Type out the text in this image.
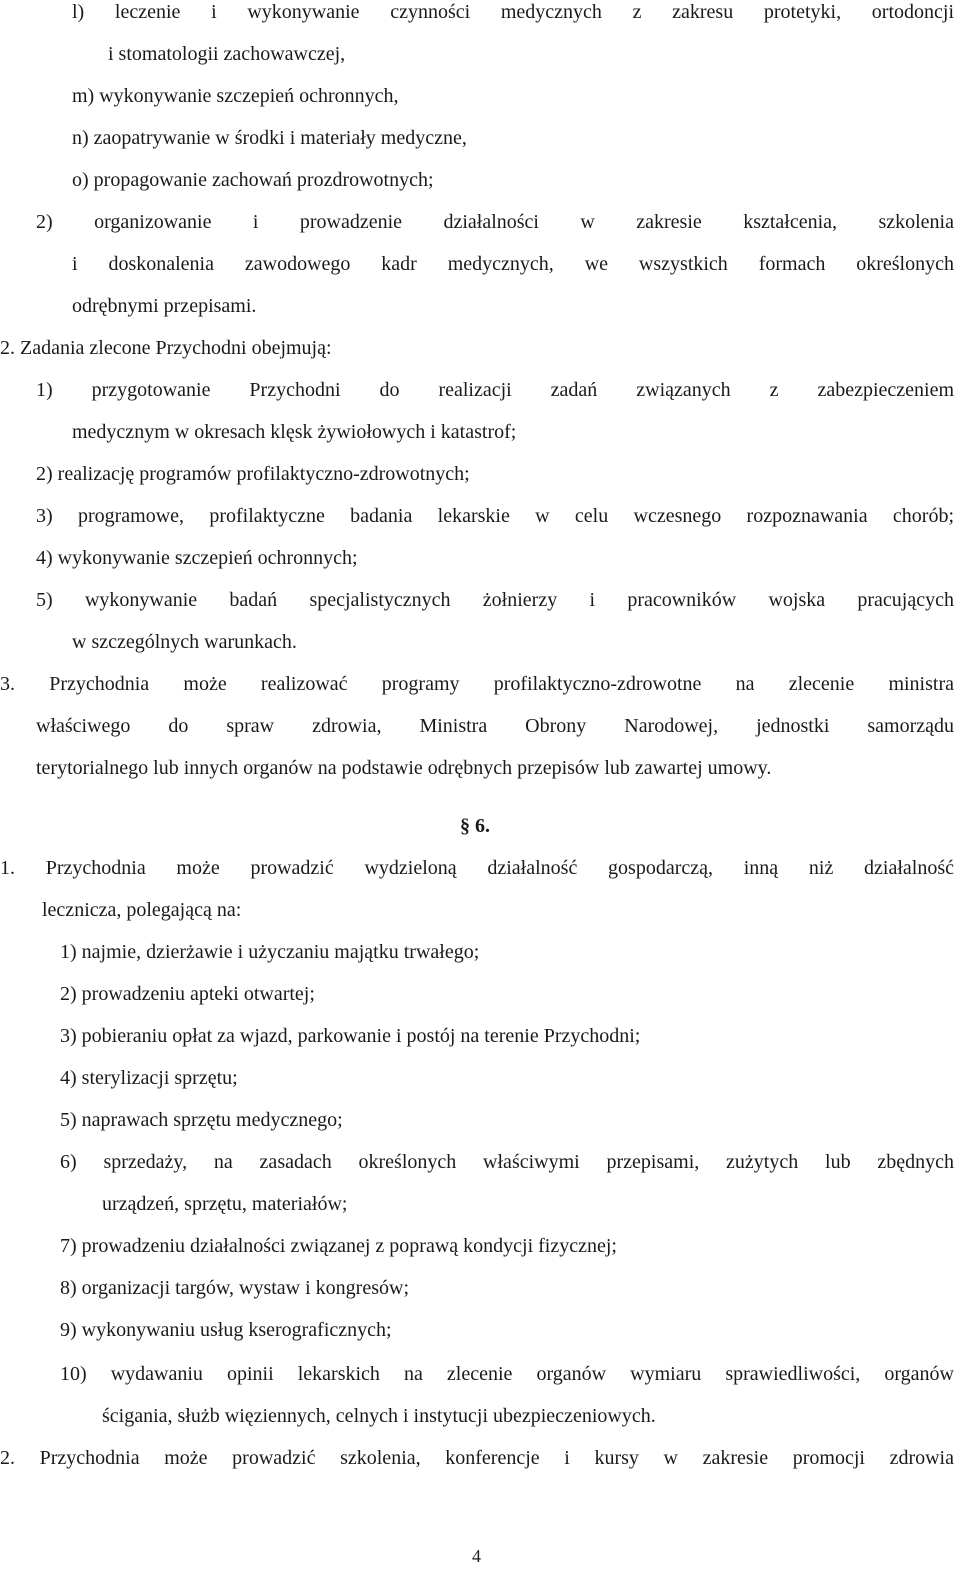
l) leczenie i wykonywanie czynności medycznych z zakresu protetyki, ortodoncji
i stomatologii zachowawczej,
m) wykonywanie szczepień ochronnych,
n) zaopatrywanie w środki i materiały medyczne,
o) propagowanie zachowań prozdrowotnych;
2) organizowanie i prowadzenie działalności w zakresie kształcenia, szkolenia
i doskonalenia zawodowego kadr medycznych, we wszystkich formach określonych
odrębnymi przepisami.
2. Zadania zlecone Przychodni obejmują:
1) przygotowanie Przychodni do realizacji zadań związanych z zabezpieczeniem
medycznym w okresach klęsk żywiołowych i katastrof;
2) realizację programów profilaktyczno-zdrowotnych;
3) programowe, profilaktyczne badania lekarskie w celu wczesnego rozpoznawania chorób;
4) wykonywanie szczepień ochronnych;
5) wykonywanie badań specjalistycznych żołnierzy i pracowników wojska pracujących
w szczególnych warunkach.
3. Przychodnia może realizować programy profilaktyczno-zdrowotne na zlecenie ministra
właściwego do spraw zdrowia, Ministra Obrony Narodowej, jednostki samorządu
terytorialnego lub innych organów na podstawie odrębnych przepisów lub zawartej umowy.
§ 6.
1. Przychodnia może prowadzić wydzieloną działalność gospodarczą, inną niż działalność
lecznicza, polegającą na:
1) najmie, dzierżawie i użyczaniu majątku trwałego;
2) prowadzeniu apteki otwartej;
3) pobieraniu opłat za wjazd, parkowanie i postój na terenie Przychodni;
4) sterylizacji sprzętu;
5) naprawach sprzętu medycznego;
6) sprzedaży, na zasadach określonych właściwymi przepisami, zużytych lub zbędnych
urządzeń, sprzętu, materiałów;
7) prowadzeniu działalności związanej z poprawą kondycji fizycznej;
8) organizacji targów, wystaw i kongresów;
9) wykonywaniu usług kserograficznych;
10) wydawaniu opinii lekarskich na zlecenie organów wymiaru sprawiedliwości, organów
ścigania, służb więziennych, celnych i instytucji ubezpieczeniowych.
2. Przychodnia może prowadzić szkolenia, konferencje i kursy w zakresie promocji zdrowia
4
